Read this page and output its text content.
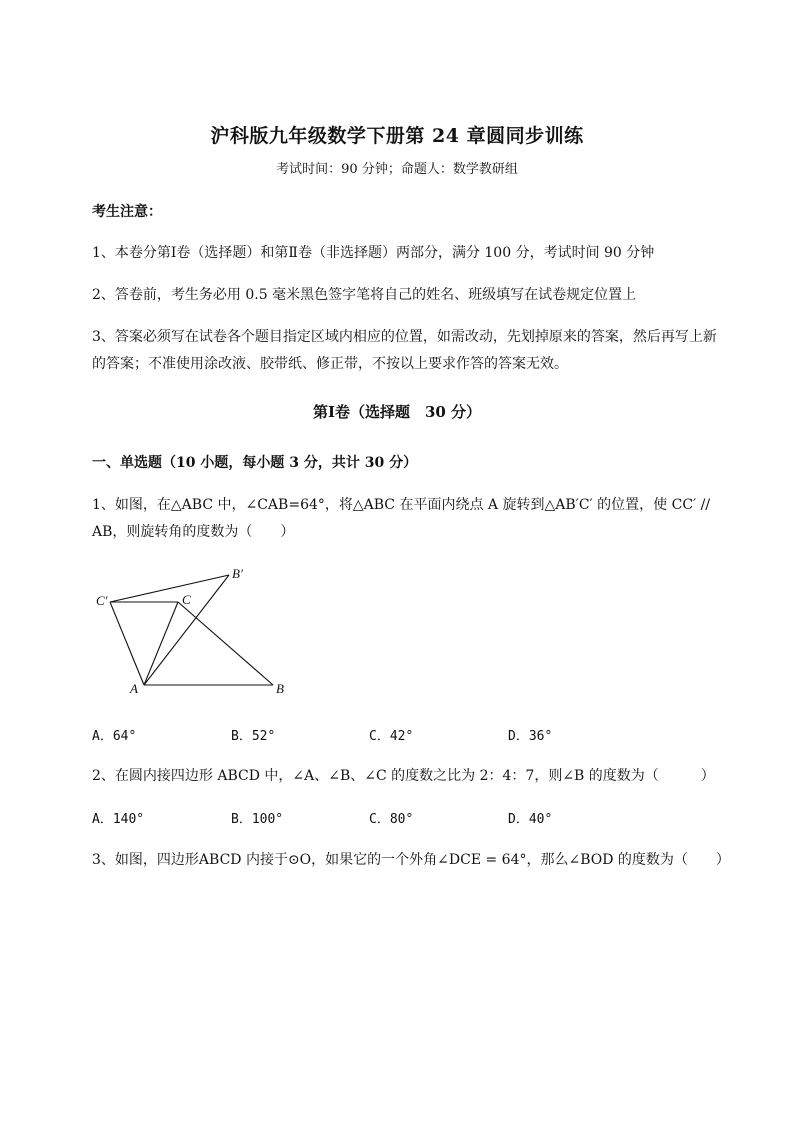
沪科版九年级数学下册第 24 章圆同步训练
考试时间：90 分钟；命题人：数学教研组
考生注意：
1、本卷分第Ⅰ卷（选择题）和第Ⅱ卷（非选择题）两部分，满分 100 分，考试时间 90 分钟
2、答卷前，考生务必用 0.5 毫米黑色签字笔将自己的姓名、班级填写在试卷规定位置上
3、答案必须写在试卷各个题目指定区域内相应的位置，如需改动，先划掉原来的答案，然后再写上新
的答案；不准使用涂改液、胶带纸、修正带，不按以上要求作答的答案无效。
第Ⅰ卷（选择题　30 分）
一、单选题（10 小题，每小题 3 分，共计 30 分）
1、如图，在△ABC 中，∠CAB=64°，将△ABC 在平面内绕点 A 旋转到△AB′C′ 的位置，使 CC′ //
AB，则旋转角的度数为（　　）
C′	C
B′
A	B
A．64°	B．52°	C．42°	D．36°
2、在圆内接四边形 ABCD 中，∠A、∠B、∠C 的度数之比为 2：4：7，则∠B 的度数为（　　　）
A．140°	B．100°	C．80°	D．40°
3、如图，四边形ABCD 内接于⊙O，如果它的一个外角∠DCE = 64°，那么∠BOD 的度数为（　　）
